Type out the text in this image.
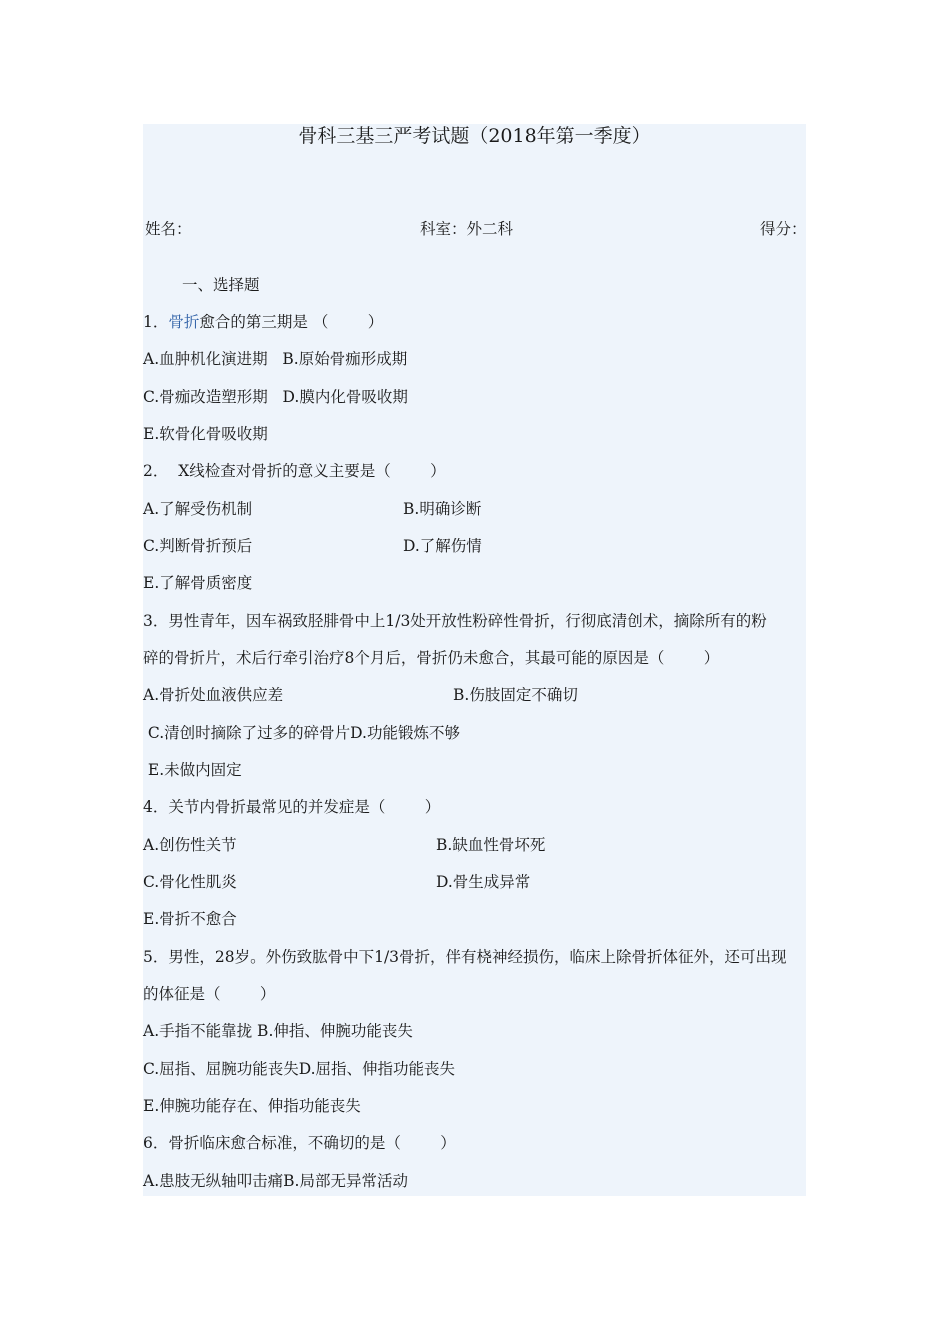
骨科三基三严考试题（2018年第一季度）
姓名：	科室：外二科	得分：
一、选择题
1．骨折愈合的第三期是 （        ）
A.血肿机化演进期   B.原始骨痂形成期
C.骨痂改造塑形期   D.膜内化骨吸收期
E.软骨化骨吸收期
2．  X线检查对骨折的意义主要是（        ）
A.了解受伤机制	B.明确诊断
C.判断骨折预后	D.了解伤情
E.了解骨质密度
3．男性青年，因车祸致胫腓骨中上1/3处开放性粉碎性骨折，行彻底清创术，摘除所有的粉
碎的骨折片，术后行牵引治疗8个月后，骨折仍未愈合，其最可能的原因是（        ）
A.骨折处血液供应差	B.伤肢固定不确切
C.清创时摘除了过多的碎骨片D.功能锻炼不够
E.未做内固定
4．关节内骨折最常见的并发症是（        ）
A.创伤性关节	B.缺血性骨坏死
C.骨化性肌炎	D.骨生成异常
E.骨折不愈合
5．男性，28岁。外伤致肱骨中下1/3骨折，伴有桡神经损伤，临床上除骨折体征外，还可出现
的体征是（        ）
A.手指不能靠拢 B.伸指、伸腕功能丧失
C.屈指、屈腕功能丧失D.屈指、伸指功能丧失
E.伸腕功能存在、伸指功能丧失
6．骨折临床愈合标准，不确切的是（        ）
A.患肢无纵轴叩击痛B.局部无异常活动
